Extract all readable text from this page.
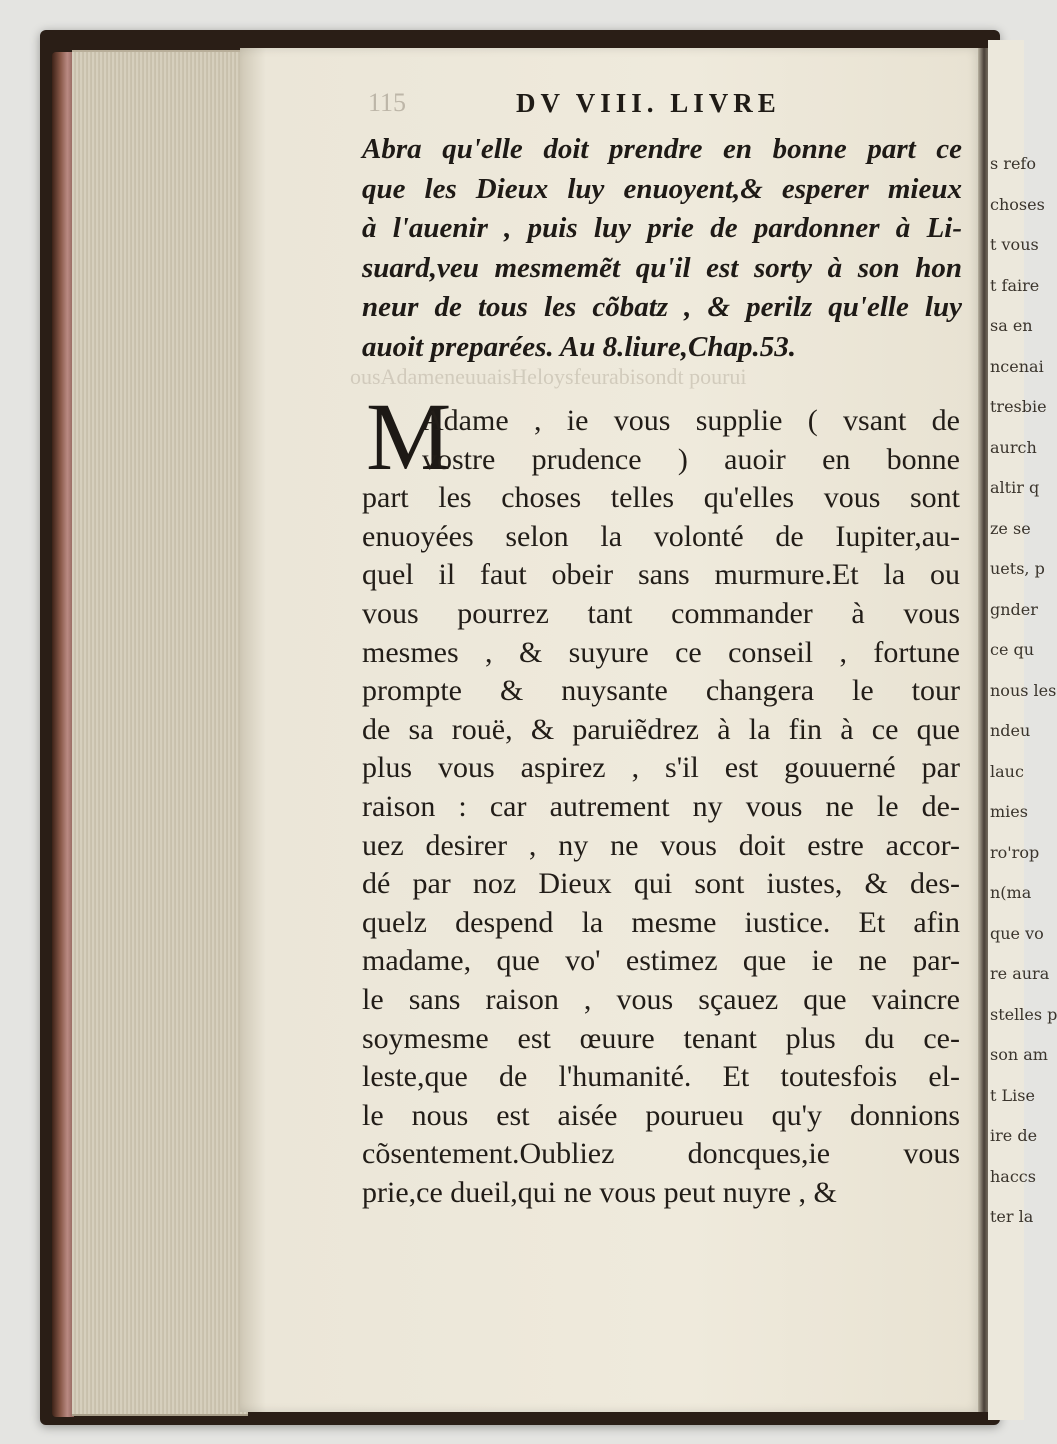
s refo
choses
t vous
t faire
sa en
ncenai
tresbie
aurch
altir q
ze se
uets, p
gnder
ce qu
nous les
ndeu
lauc
mies
ro'rop
n(ma
que vo
re aura
stelles p
son am
t Lise
ire de
haccs
ter la
115	DV VIII. LIVRE
Abra qu'elle doit prendre en bonne part ce
que les Dieux luy enuoyent,& esperer mieux
à l'auenir , puis luy prie de pardonner à Li-
suard,veu mesmemẽt qu'il est sorty à son hon
neur de tous les cõbatz , & perilz qu'elle luy
auoit preparées. Au 8.liure,Chap.53.
ousAdameneuuaisHeloysfeurabisondt pourui
M
Adame , ie vous supplie ( vsant de
vostre prudence ) auoir en bonne
part les choses telles qu'elles vous sont
enuoyées selon la volonté de Iupiter,au-
quel il faut obeir sans murmure.Et la ou
vous pourrez tant commander à vous
mesmes , & suyure ce conseil , fortune
prompte & nuysante changera le tour
de sa rouë, & paruiẽdrez à la fin à ce que
plus vous aspirez , s'il est gouuerné par
raison : car autrement ny vous ne le de-
uez desirer , ny ne vous doit estre accor-
dé par noz Dieux qui sont iustes, & des-
quelz despend la mesme iustice. Et afin
madame, que vo' estimez que ie ne par-
le sans raison , vous sçauez que vaincre
soymesme est œuure tenant plus du ce-
leste,que de l'humanité. Et toutesfois el-
le nous est aisée pourueu qu'y donnions
cõsentement.Oubliez doncques,ie vous
prie,ce dueil,qui ne vous peut nuyre , &
